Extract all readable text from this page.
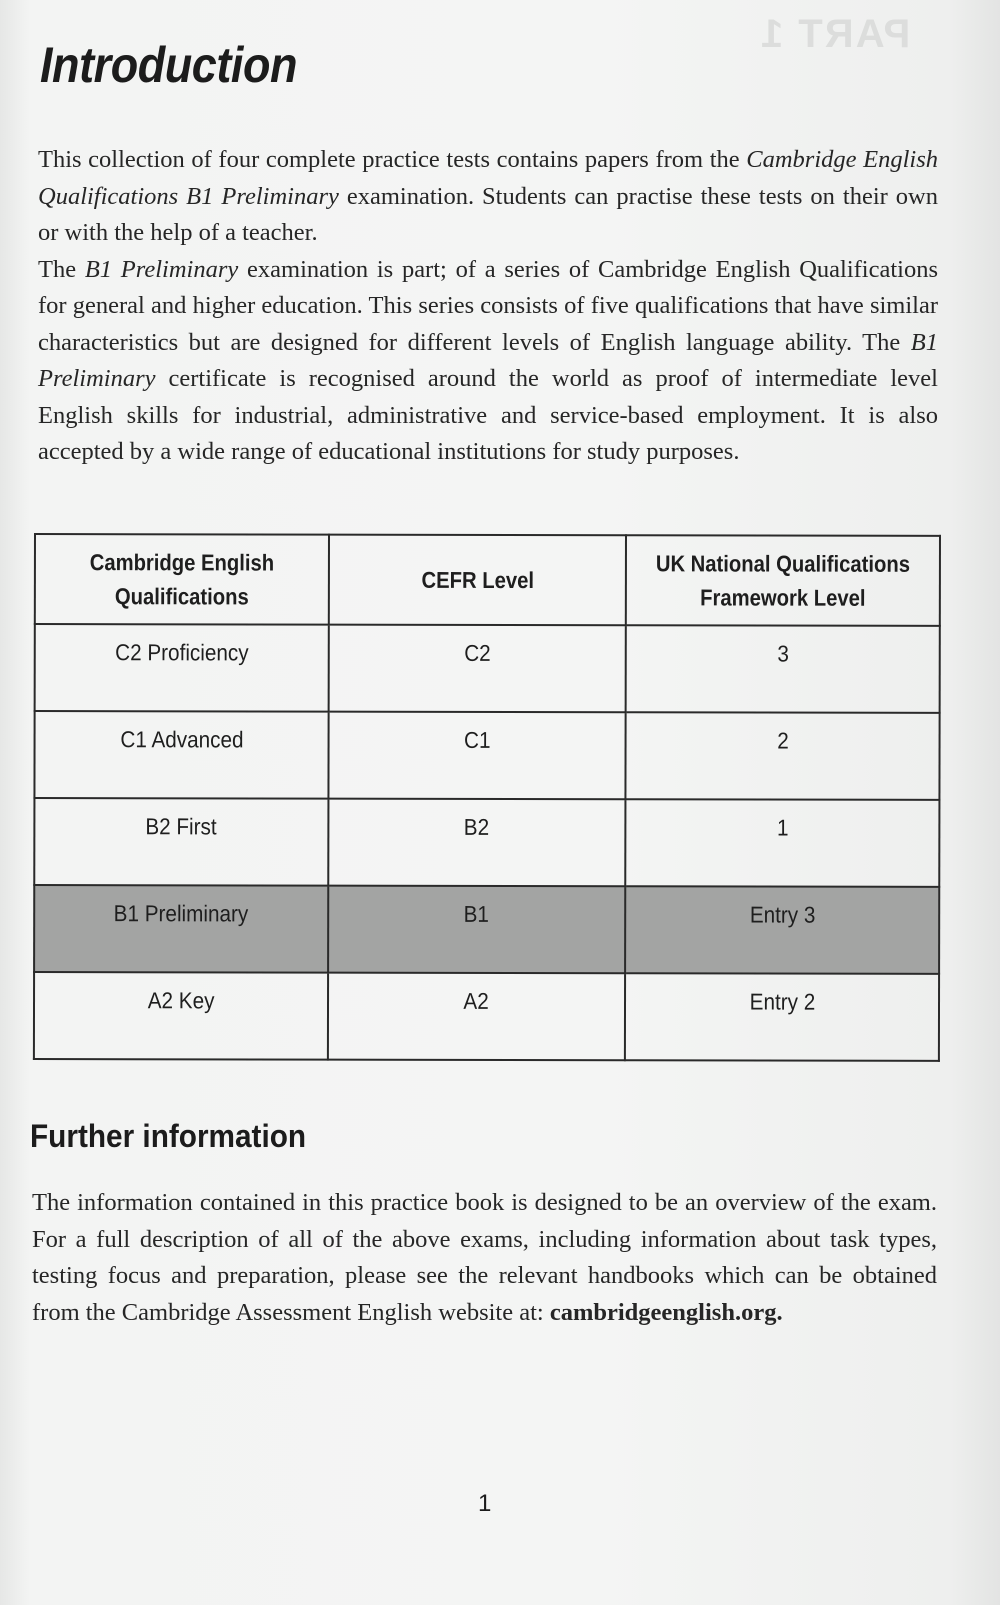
PART 1
Introduction

This collection of four complete practice tests contains papers from the Cambridge English Qualifications B1 Preliminary examination. Students can practise these tests on their own or with the help of a teacher.

The B1 Preliminary examination is part; of a series of Cambridge English Qualifications for general and higher education. This series consists of five qualifications that have similar characteristics but are designed for different levels of English language ability. The B1 Preliminary certificate is recognised around the world as proof of intermediate level English skills for industrial, administrative and service-based employment. It is also accepted by a wide range of educational institutions for study purposes.

Cambridge English Qualifications	CEFR Level	UK National Qualifications Framework Level
C2 Proficiency	C2	3
C1 Advanced	C1	2
B2 First	B2	1
B1 Preliminary	B1	Entry 3
A2 Key	A2	Entry 2
Further information

The information contained in this practice book is designed to be an overview of the exam. For a full description of all of the above exams, including information about task types, testing focus and preparation, please see the relevant handbooks which can be obtained from the Cambridge Assessment English website at: cambridgeenglish.org.

1
